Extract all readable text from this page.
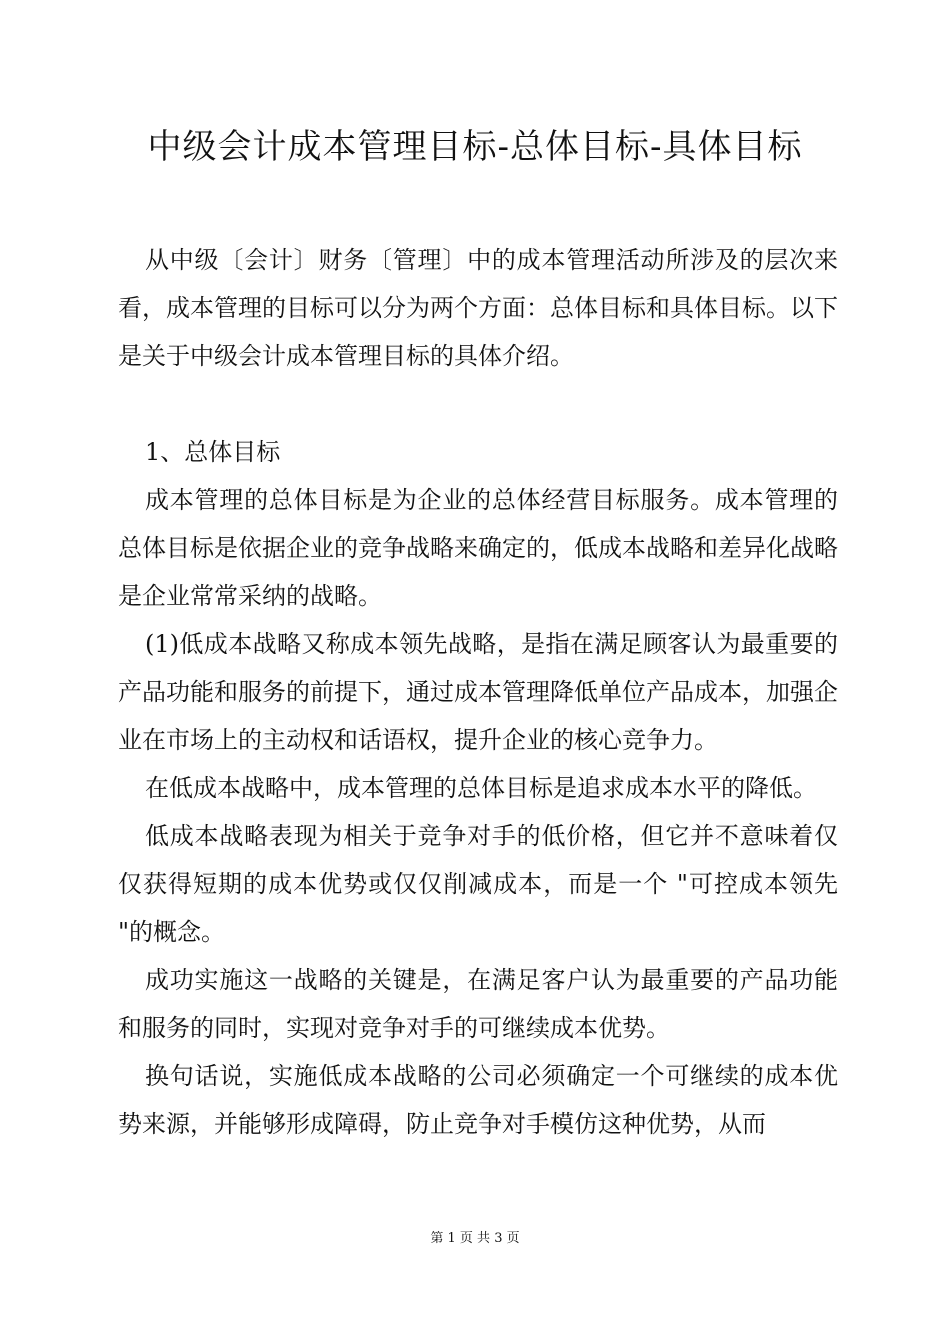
中级会计成本管理目标-总体目标-具体目标

从中级〔会计〕财务〔管理〕中的成本管理活动所涉及的层次来看，成本管理的目标可以分为两个方面：总体目标和具体目标。以下是关于中级会计成本管理目标的具体介绍。

1、总体目标

成本管理的总体目标是为企业的总体经营目标服务。成本管理的总体目标是依据企业的竞争战略来确定的，低成本战略和差异化战略是企业常常采纳的战略。

(1)低成本战略又称成本领先战略，是指在满足顾客认为最重要的产品功能和服务的前提下，通过成本管理降低单位产品成本，加强企业在市场上的主动权和话语权，提升企业的核心竞争力。

在低成本战略中，成本管理的总体目标是追求成本水平的降低。

低成本战略表现为相关于竞争对手的低价格，但它并不意味着仅仅获得短期的成本优势或仅仅削减成本，而是一个 "可控成本领先 "的概念。

成功实施这一战略的关键是，在满足客户认为最重要的产品功能和服务的同时，实现对竞争对手的可继续成本优势。

换句话说，实施低成本战略的公司必须确定一个可继续的成本优势来源，并能够形成障碍，防止竞争对手模仿这种优势，从而

第 1 页 共 3 页
